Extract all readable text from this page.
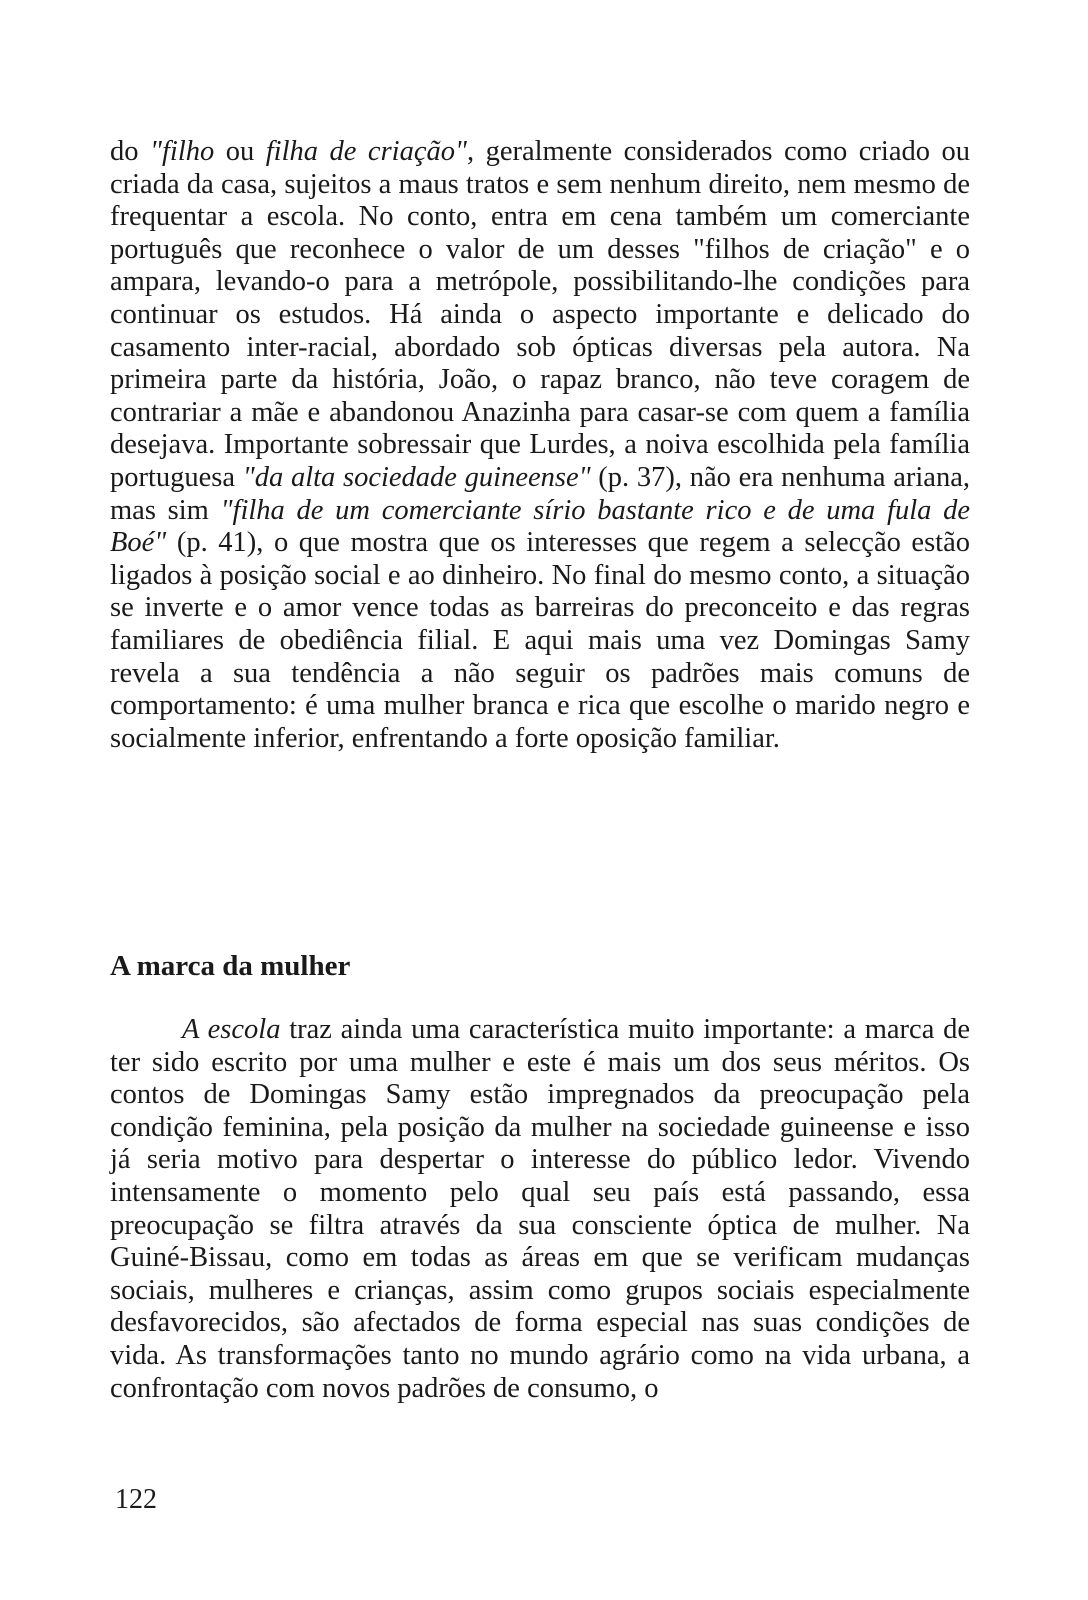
do "filho ou filha de criação", geralmente considerados como criado ou criada da casa, sujeitos a maus tratos e sem nenhum direito, nem mesmo de frequentar a escola. No conto, entra em cena também um comerciante português que reconhece o valor de um desses "filhos de criação" e o ampara, levando-o para a metrópole, possibilitando-lhe condições para continuar os estudos. Há ainda o aspecto importante e delicado do casamento inter-racial, abordado sob ópticas diversas pela autora. Na primeira parte da história, João, o rapaz branco, não teve coragem de contrariar a mãe e abandonou Anazinha para casar-se com quem a família desejava. Importante sobressair que Lurdes, a noiva escolhida pela família portuguesa "da alta sociedade guineense" (p. 37), não era nenhuma ariana, mas sim "filha de um comerciante sírio bastante rico e de uma fula de Boé" (p. 41), o que mostra que os interesses que regem a selecção estão ligados à posição social e ao dinheiro. No final do mesmo conto, a situação se inverte e o amor vence todas as barreiras do preconceito e das regras familiares de obediência filial. E aqui mais uma vez Domingas Samy revela a sua tendência a não seguir os padrões mais comuns de comportamento: é uma mulher branca e rica que escolhe o marido negro e socialmente inferior, enfrentando a forte oposição familiar.

A marca da mulher

A escola traz ainda uma característica muito importante: a marca de ter sido escrito por uma mulher e este é mais um dos seus méritos. Os contos de Domingas Samy estão impregnados da preocupação pela condição feminina, pela posição da mulher na sociedade guineense e isso já seria motivo para despertar o interesse do público ledor. Vivendo intensamente o momento pelo qual seu país está passando, essa preocupação se filtra através da sua consciente óptica de mulher. Na Guiné-Bissau, como em todas as áreas em que se verificam mudanças sociais, mulheres e crianças, assim como grupos sociais especialmente desfavorecidos, são afectados de forma especial nas suas condições de vida. As transformações tanto no mundo agrário como na vida urbana, a confrontação com novos padrões de consumo, o

122
